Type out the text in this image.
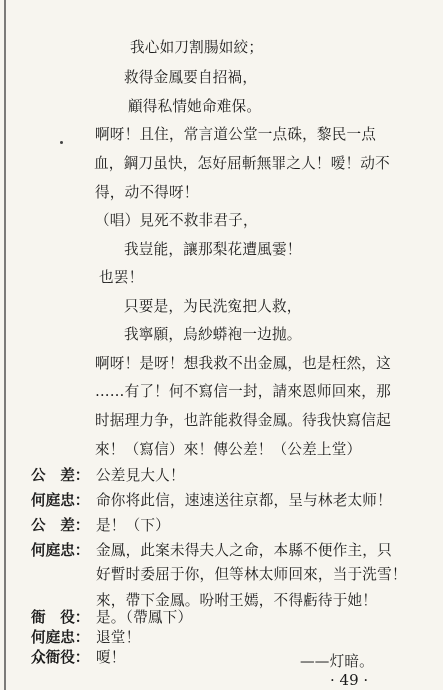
我心如刀割腸如絞；
救得金鳳要自招禍，
顧得私情她命难保。
啊呀！且住，常言道公堂一点硃，黎民一点
血，鋼刀虽快，怎好屈斬無罪之人！嗳！动不
得，动不得呀！
（唱）見死不救非君子，
我豈能，讓那梨花遭風霎！
也罢！
只要是，为民洗寃把人救，
我寧願，烏紗蟒袍一边抛。
啊呀！是呀！想我救不出金鳳，也是枉然，这
……有了！何不寫信一封，請來恩师回來，那
时据理力争，也許能救得金鳳。待我快寫信起
來！（寫信）來！傳公差！（公差上堂）
公　差： 公差見大人！
何庭忠： 命你将此信，速速送往京都，呈与林老太师！
公　差： 是！（下）
何庭忠： 金鳳，此案未得夫人之命，本縣不便作主，只
好暫时委屈于你，但等林太师回來，当于洗雪！
來，帶下金鳳。吩咐王嫣，不得虧待于她！
衙　役： 是。（帶鳳下）
何庭忠： 退堂！
众衙役： 嗄！	——灯暗。
· 49 ·
